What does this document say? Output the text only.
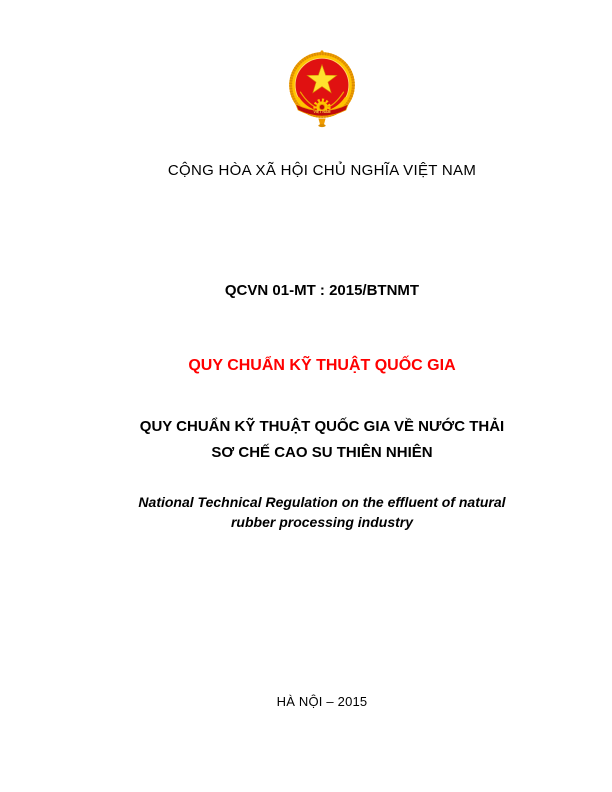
VIỆT NAM
CỘNG HÒA XÃ HỘI CHỦ NGHĨA VIỆT NAM
QCVN 01-MT : 2015/BTNMT
QUY CHUẨN KỸ THUẬT QUỐC GIA
QUY CHUẨN KỸ THUẬT QUỐC GIA VỀ NƯỚC THẢI
SƠ CHẾ CAO SU THIÊN NHIÊN
National Technical Regulation on the effluent of natural
rubber processing industry
HÀ NỘI – 2015
